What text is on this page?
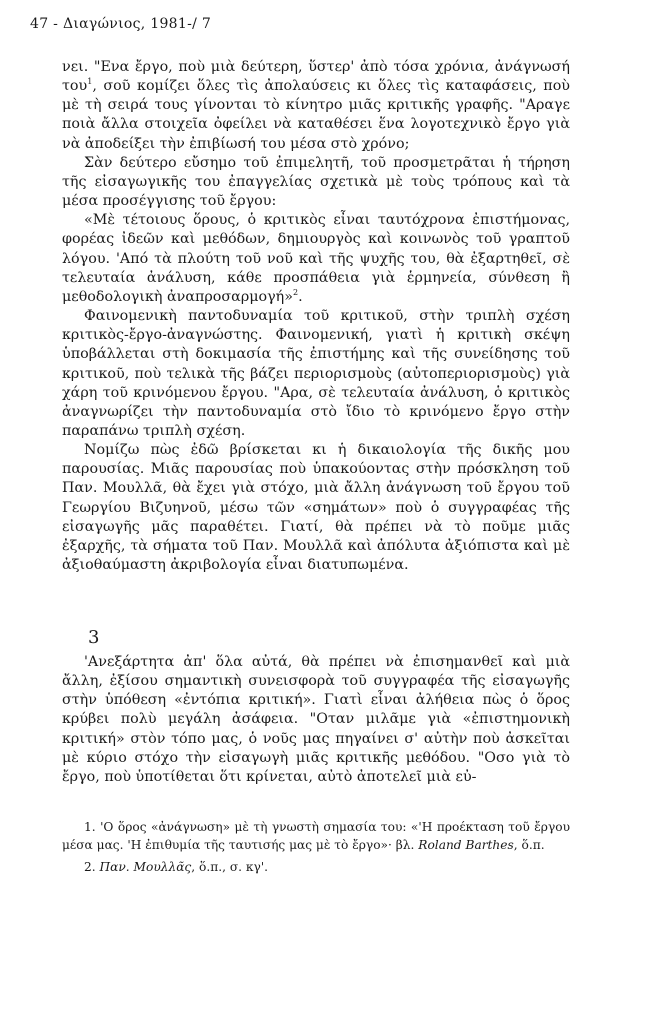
47 - Διαγώνιος, 1981-/ 7

νει. "Ενα ἔργο, ποὺ μιὰ δεύτερη, ὕστερ' ἀπὸ τόσα χρόνια, ἀνάγνωσή του$^1$, σοῦ κομίζει ὅλες τὶς ἀπολαύσεις κι ὅλες τὶς καταφάσεις, ποὺ μὲ τὴ σειρά τους γίνονται τὸ κίνητρο μιᾶς κριτικῆς γραφῆς. "Αραγε ποιὰ ἄλλα στοιχεῖα ὀφείλει νὰ καταθέσει ἕνα λογοτεχνικὸ ἔργο γιὰ νὰ ἀποδείξει τὴν ἐπιβίωσή του μέσα στὸ χρόνο;

Σὰν δεύτερο εὔσημο τοῦ ἐπιμελητῆ, τοῦ προσμετρᾶται ἡ τήρηση τῆς εἰσαγωγικῆς του ἐπαγγελίας σχετικὰ μὲ τοὺς τρόπους καὶ τὰ μέσα προσέγγισης τοῦ ἔργου:

«Μὲ τέτοιους ὅρους, ὁ κριτικὸς εἶναι ταυτόχρονα ἐπιστήμονας, φορέας ἰδεῶν καὶ μεθόδων, δημιουργὸς καὶ κοινωνὸς τοῦ γραπτοῦ λόγου. 'Από τὰ πλούτη τοῦ νοῦ καὶ τῆς ψυχῆς του, θὰ ἐξαρτηθεῖ, σὲ τελευταία ἀνάλυση, κάθε προσπάθεια γιὰ ἑρμηνεία, σύνθεση ἢ μεθοδολογικὴ ἀναπροσαρμογή»$^2$.

Φαινομενικὴ παντοδυναμία τοῦ κριτικοῦ, στὴν τριπλὴ σχέση κριτικὸς-ἔργο-ἀναγνώστης. Φαινομενική, γιατὶ ἡ κριτικὴ σκέψη ὑποβάλλεται στὴ δοκιμασία τῆς ἐπιστήμης καὶ τῆς συνείδησης τοῦ κριτικοῦ, ποὺ τελικὰ τῆς βάζει περιορισμοὺς (αὐτοπεριορισμοὺς) γιὰ χάρη τοῦ κρινόμενου ἔργου. "Αρα, σὲ τελευταία ἀνάλυση, ὁ κριτικὸς ἀναγνωρίζει τὴν παντοδυναμία στὸ ἴδιο τὸ κρινόμενο ἔργο στὴν παραπάνω τριπλὴ σχέση.

Νομίζω πὼς ἐδῶ βρίσκεται κι ἡ δικαιολογία τῆς δικῆς μου παρουσίας. Μιᾶς παρουσίας ποὺ ὑπακούοντας στὴν πρόσκληση τοῦ Παν. Μουλλᾶ, θὰ ἔχει γιὰ στόχο, μιὰ ἄλλη ἀνάγνωση τοῦ ἔργου τοῦ Γεωργίου Βιζυηνοῦ, μέσω τῶν «σημάτων» ποὺ ὁ συγγραφέας τῆς εἰσαγωγῆς μᾶς παραθέτει. Γιατί, θὰ πρέπει νὰ τὸ ποῦμε μιᾶς ἐξαρχῆς, τὰ σήματα τοῦ Παν. Μουλλᾶ καὶ ἀπόλυτα ἀξιόπιστα καὶ μὲ ἀξιοθαύμαστη ἀκριβολογία εἶναι διατυπωμένα.

3

'Ανεξάρτητα ἀπ' ὅλα αὐτά, θὰ πρέπει νὰ ἐπισημανθεῖ καὶ μιὰ ἄλλη, ἐξίσου σημαντικὴ συνεισφορὰ τοῦ συγγραφέα τῆς εἰσαγωγῆς στὴν ὑπόθεση «ἐντόπια κριτική». Γιατὶ εἶναι ἀλήθεια πὼς ὁ ὅρος κρύβει πολὺ μεγάλη ἀσάφεια. "Οταν μιλᾶμε γιὰ «ἐπιστημονικὴ κριτική» στὸν τόπο μας, ὁ νοῦς μας πηγαίνει σ' αὐτὴν ποὺ ἀσκεῖται μὲ κύριο στόχο τὴν εἰσαγωγὴ μιᾶς κριτικῆς μεθόδου. "Οσο γιὰ τὸ ἔργο, ποὺ ὑποτίθεται ὅτι κρίνεται, αὐτὸ ἀποτελεῖ μιὰ εὐ-

1. 'Ο ὅρος «ἀνάγνωση» μὲ τὴ γνωστὴ σημασία του: «'Η προέκταση τοῦ ἔργου μέσα μας. 'Η ἐπιθυμία τῆς ταυτισής μας μὲ τὸ ἔργο»· βλ. Roland Barthes, ὅ.π.

2. Παν. Μουλλᾶς, ὅ.π., σ. κγ'.
